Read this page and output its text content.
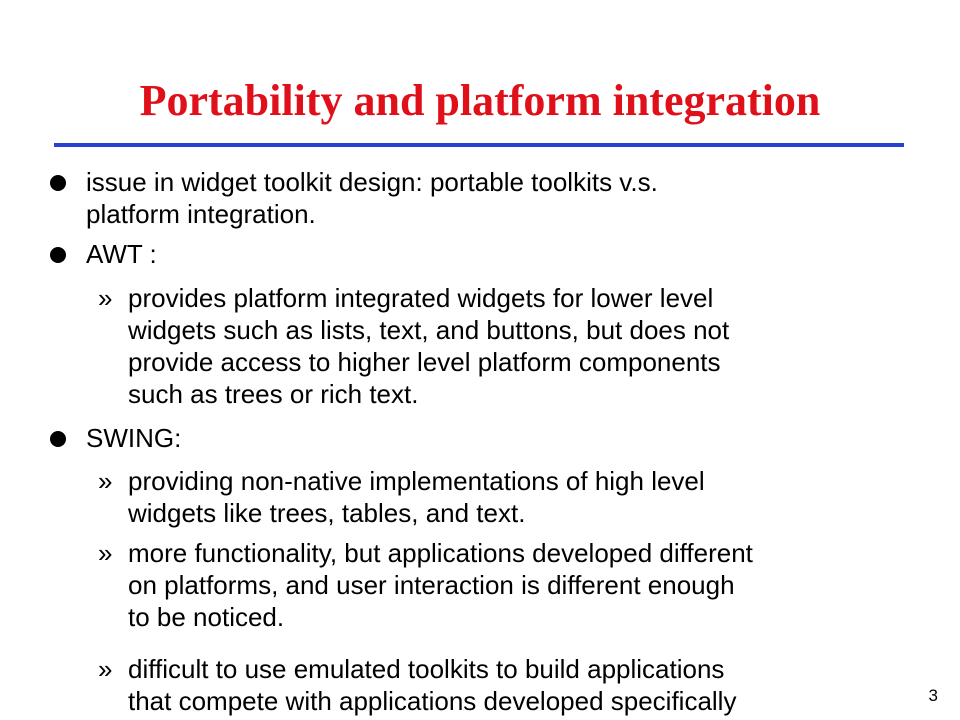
Portability and platform integration
issue in widget toolkit design: portable toolkits v.s.
platform integration.
AWT :
» provides platform integrated widgets for lower level
widgets such as lists, text, and buttons, but does not
provide access to higher level platform components
such as trees or rich text.
SWING:
» providing non-native implementations of high level
widgets like trees, tables, and text.
» more functionality, but applications developed different
on platforms, and user interaction is different enough
to be noticed.
» difficult to use emulated toolkits to build applications
that compete with applications developed specifically	3
